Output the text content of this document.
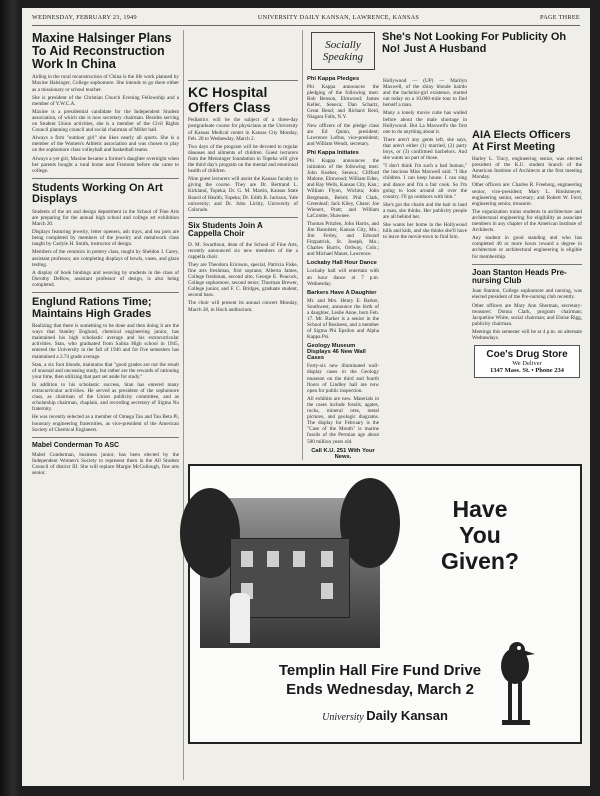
WEDNESDAY, FEBRUARY 23, 1949	UNIVERSITY DAILY KANSAN, LAWRENCE, KANSAS	PAGE THREE
Maxine Halsinger Plans To Aid Reconstruction Work In China

Aiding in the rural reconstruction of China is the life work planned by Maxine Halsinger, College sophomore. She intends to go there either as a missionary or school teacher.

She is president of the Christian Church Evening Fellowship and a member of Y.W.C.A.

Maxine is a presidential candidate for the Independent Student association, of which she is now secretary chairman. Besides serving on Student Union activities, she is a member of the Civil Rights Council planning council and social chairman of Miller hall.

Always a firm "outdoor girl" she likes nearly all sports. She is a member of the Women's Athletic association and was chosen to play on the sophomore class volleyball and basketball teams.

Always a yet girl, Maxine became a former's daughter overnight when her parents bought a rural home near Fremont before she came to college.

Students Working On Art Displays

Students of the art and design department in the School of Fine Arts are preparing for the annual high school and college art exhibition March 20.

Displays featuring jewelry, letter openers, ash trays, and tea pots are being completed by members of the jewelry and metalwork class taught by Carlyle H. Smith, instructor of design.

Members of the ceramics in pottery class, taught by Sheldon J. Carey, assistant professor, are completing displays of bowls, vases, and glaze testing.

A display of book bindings and weaving by students in the class of Dorothy DeBow, assistant professor of design, is also being completed.

Englund Rations Time; Maintains High Grades

Realizing that there is something to be done and then doing it are the ways that Stanley Englund, chemical engineering junior, has maintained his high scholastic average and his extracurricular activities. Stan, who graduated from Salina High school in 1945, entered the University in the fall of 1946 and for five semesters has maintained a 2.74 grade average.

Stan, a six foot blonde, maintains that "good grades are not the result of unusual and unceasing study, but rather are the rewards of rationing your time, then utilizing that part set aside for study."

In addition to his scholastic success, Stan has entered many extracurricular activities. He served as president of the sophomore class, as chairman of the Union publicity committee, and as scholarship chairman, chaplain, and recording secretary of Sigma Nu fraternity.

He was recently selected as a member of Omega Tau and Tau Beta Pi, honorary engineering fraternities, as vice-president of the American Society of Chemical Engineers.

Mabel Conderman To ASC

Mabel Conderman, business junior, has been elected by the Independent Women's Society to represent them in the All Student Council of district III. She will replace Margie McCullough, fine arts senior.

KC Hospital Offers Class

Pediatrics will be the subject of a three-day postgraduate course for physicians at the University of Kansas Medical center in Kansas City Monday, Feb. 28 to Wednesday, March 2.

Two days of the program will be devoted to regular diseases and ailments of children. Guest lecturers from the Menninger foundation in Topeka will give the third day's program on the mental and emotional health of children.

Nine guest lecturers will assist the Kansas faculty in giving the course. They are Dr. Bertrand L. Kirkland, Topeka; Dr. G. M. Martin, Kansas State Board of Health, Topeka; Dr. Edith B. Jackson, Yale university; and Dr. John Lichty, University of Colorado.

Six Students Join A Cappella Choir

D. M. Swarthout, dean of the School of Fine Arts, recently announced six new members of the a cappella choir.

They are Theodora Ericsson, special, Patricia Fiske, fine arts freshman, first soprano; Alberta James, College freshman, second alto; George E. Peacock, College sophomore, second tenor; Thurman Brewer, College junior, and F. C. Bridges, graduate student, second bass.

The choir will present its annual concert Monday, March 28, in Hoch auditorium.

Socially
Speaking
Phi Kappa Pledges

Phi Kappa announces the pledging of the following men: Bob Benson, Elmwood; James Keller, Seneca; Dan Schartz, Great Bend; and Richard Reid, Niagara Falls, N.Y.

New officers of the pledge class are Ed Quinn, president; Lawrence Loftus, vice-president; and William Wendt, secretary.

Phi Kappa Initiates

Phi Kappa announces the initiation of the following men: John Koeber, Seneca; Clifford Malone, Elmwood; William Eden, and Ray Wells, Kansas City, Kan.; William Flynn, Wichita; John Bergmann, Beloit; Phil Clark, Greenleaf; Jack Kiley, Chase; Joe Wienert, Pratt; and William LaCombe, Shawnee.

Thomas Pritzlen, John Harris, and Jim Bannister, Kansas City, Mo.; Jim Ferley, and Edward Fitzpatrick, St. Joseph, Mo.; Charles Burris, Ordway, Colo.; and Michael Mauer, Lawrence.

Lockaby Hall Hour Dance

Lockaby hall will entertain with an hour dance at 7 p.m. Wednesday.

Barkers Have A Daughter

Mr. and Mrs. Henry E. Barker, Southwest, announce the birth of a daughter, Leslie Anne, born Feb. 17. Mr. Barker is a senior in the School of Business, and a member of Sigma Phi Epsilon and Alpha Kappa Psi.

Geology Museum Displays 46 New Wall Cases

Forty-six new illuminated wall-display cases in the Geology museum on the third and fourth floors of Lindley hall are now open for public inspection.

All exhibits are new. Materials in the cases include fossils, agates, rocks, mineral ores, metal pictures, and geologic diagrams. The display for February is the "Case of the Month" is marine fossils of the Permian age about 500 million years old.

Call K.U. 251 With Your News.

Hollywood — (UP) — Marilyn Maxwell, of the shiny blonde hairdo and the bachelor-girl existence, started out today on a 10,000-mile tour to find herself a man.

Many a lonely movie cutie has wailed before about the male shortage in Hollywood. But La Maxwell's the first one to do anything about it.

There aren't any gents left, she says, that aren't either (1) married, (2) party boys, or (3) confirmed bachelors. And she wants no part of those.

"I don't think I'm such a bad human," the luscious Miss Maxwell said. "I like children. I can keep house. I can sing and dance and I'm a fair cook. So I'm going to look around all over the country. I'll go outdoors with him."

She's got the charm and the hair to land a man, she thinks. Her publicity people are all behind her.

She wants her home in the Hollywood hills and kids, and she thinks she'll have to leave the movie-town to find him.

She's Not Looking For Publicity Oh No! Just A Husband
AIA Elects Officers At First Meeting

Harley L. Tracy, engineering senior, was elected president of the K.U. student branch of the American Institute of Architects at the first meeting Monday.

Other officers are: Charles R. Freeborg, engineering senior, vice-president; Mary L. Rindsmeyer, engineering senior, secretary; and Robert W. Ford, engineering senior, treasurer.

The organization trains students in architecture and architectural engineering for eligibility as associate members in any chapter of the American Institute of Architects.

Any student in good standing and who has completed 40 or more hours toward a degree in architecture or architectural engineering is eligible for membership.

Joan Stanton Heads Pre-nursing Club

Joan Stanton, College sophomore and nursing, was elected president of the Pre-nursing club recently.

Other officers are Mary Ann Sherman, secretary-treasurer; Donna Clark, program chairman; Jacqueline White, social chairman; and Eloise Rigg, publicity chairman.

Meetings this semester will be at 4 p.m. on alternate Wednesdays.

Coe's Drug Store
We Deliver
1347 Mass. St. • Phone 234
Have
You
Given?
Templin Hall Fire Fund Drive
Ends Wednesday, March 2
University Daily Kansan
